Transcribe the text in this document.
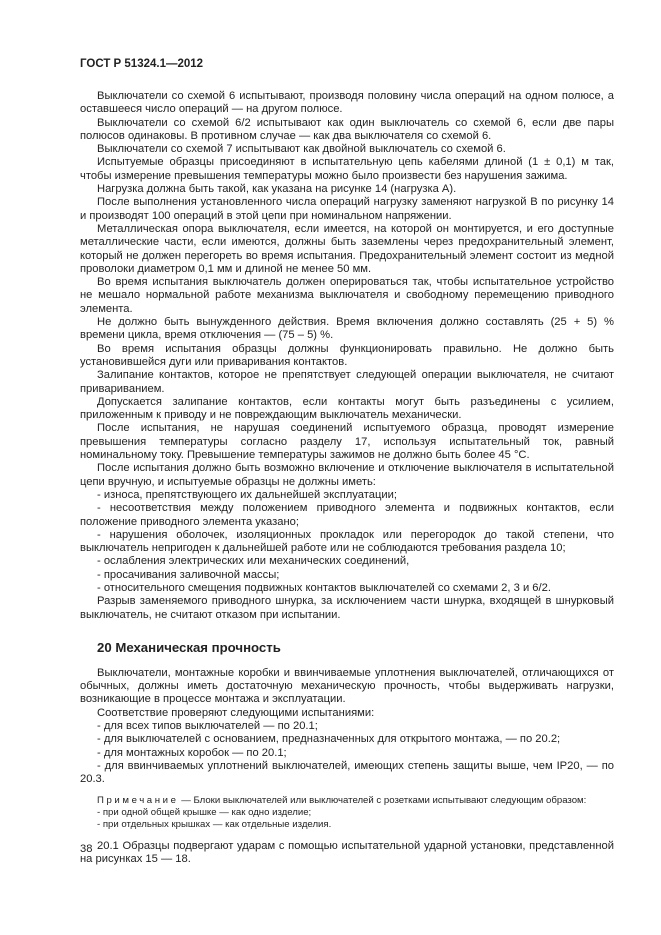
ГОСТ Р 51324.1—2012

Выключатели со схемой 6 испытывают, производя половину числа операций на одном полюсе, а оставшееся число операций — на другом полюсе.

Выключатели со схемой 6/2 испытывают как один выключатель со схемой 6, если две пары полюсов одинаковы. В противном случае — как два выключателя со схемой 6.

Выключатели со схемой 7 испытывают как двойной выключатель со схемой 6.

Испытуемые образцы присоединяют в испытательную цепь кабелями длиной (1 ± 0,1) м так, чтобы измерение превышения температуры можно было произвести без нарушения зажима.

Нагрузка должна быть такой, как указана на рисунке 14 (нагрузка А).

После выполнения установленного числа операций нагрузку заменяют нагрузкой В по рисунку 14 и производят 100 операций в этой цепи при номинальном напряжении.

Металлическая опора выключателя, если имеется, на которой он монтируется, и его доступные металлические части, если имеются, должны быть заземлены через предохранительный элемент, который не должен перегореть во время испытания. Предохранительный элемент состоит из медной проволоки диаметром 0,1 мм и длиной не менее 50 мм.

Во время испытания выключатель должен оперироваться так, чтобы испытательное устройство не мешало нормальной работе механизма выключателя и свободному перемещению приводного элемента.

Не должно быть вынужденного действия. Время включения должно составлять (25 + 5) % времени цикла, время отключения — (75 – 5) %.

Во время испытания образцы должны функционировать правильно. Не должно быть установившейся дуги или приваривания контактов.

Залипание контактов, которое не препятствует следующей операции выключателя, не считают привариванием.

Допускается залипание контактов, если контакты могут быть разъединены с усилием, приложенным к приводу и не повреждающим выключатель механически.

После испытания, не нарушая соединений испытуемого образца, проводят измерение превышения температуры согласно разделу 17, используя испытательный ток, равный номинальному току. Превышение температуры зажимов не должно быть более 45 °С.

После испытания должно быть возможно включение и отключение выключателя в испытательной цепи вручную, и испытуемые образцы не должны иметь:

- износа, препятствующего их дальнейшей эксплуатации;

- несоответствия между положением приводного элемента и подвижных контактов, если положение приводного элемента указано;

- нарушения оболочек, изоляционных прокладок или перегородок до такой степени, что выключатель непригоден к дальнейшей работе или не соблюдаются требования раздела 10;

- ослабления электрических или механических соединений,

- просачивания заливочной массы;

- относительного смещения подвижных контактов выключателей со схемами 2, 3 и 6/2.

Разрыв заменяемого приводного шнурка, за исключением части шнурка, входящей в шнурковый выключатель, не считают отказом при испытании.

20 Механическая прочность

Выключатели, монтажные коробки и ввинчиваемые уплотнения выключателей, отличающихся от обычных, должны иметь достаточную механическую прочность, чтобы выдерживать нагрузки, возникающие в процессе монтажа и эксплуатации.

Соответствие проверяют следующими испытаниями:

- для всех типов выключателей — по 20.1;

- для выключателей с основанием, предназначенных для открытого монтажа, — по 20.2;

- для монтажных коробок — по 20.1;

- для ввинчиваемых уплотнений выключателей, имеющих степень защиты выше, чем IP20, — по 20.3.

Примечание — Блоки выключателей или выключателей с розетками испытывают следующим образом:
- при одной общей крышке — как одно изделие;
- при отдельных крышках — как отдельные изделия.

20.1 Образцы подвергают ударам с помощью испытательной ударной установки, представленной на рисунках 15 — 18.

38
